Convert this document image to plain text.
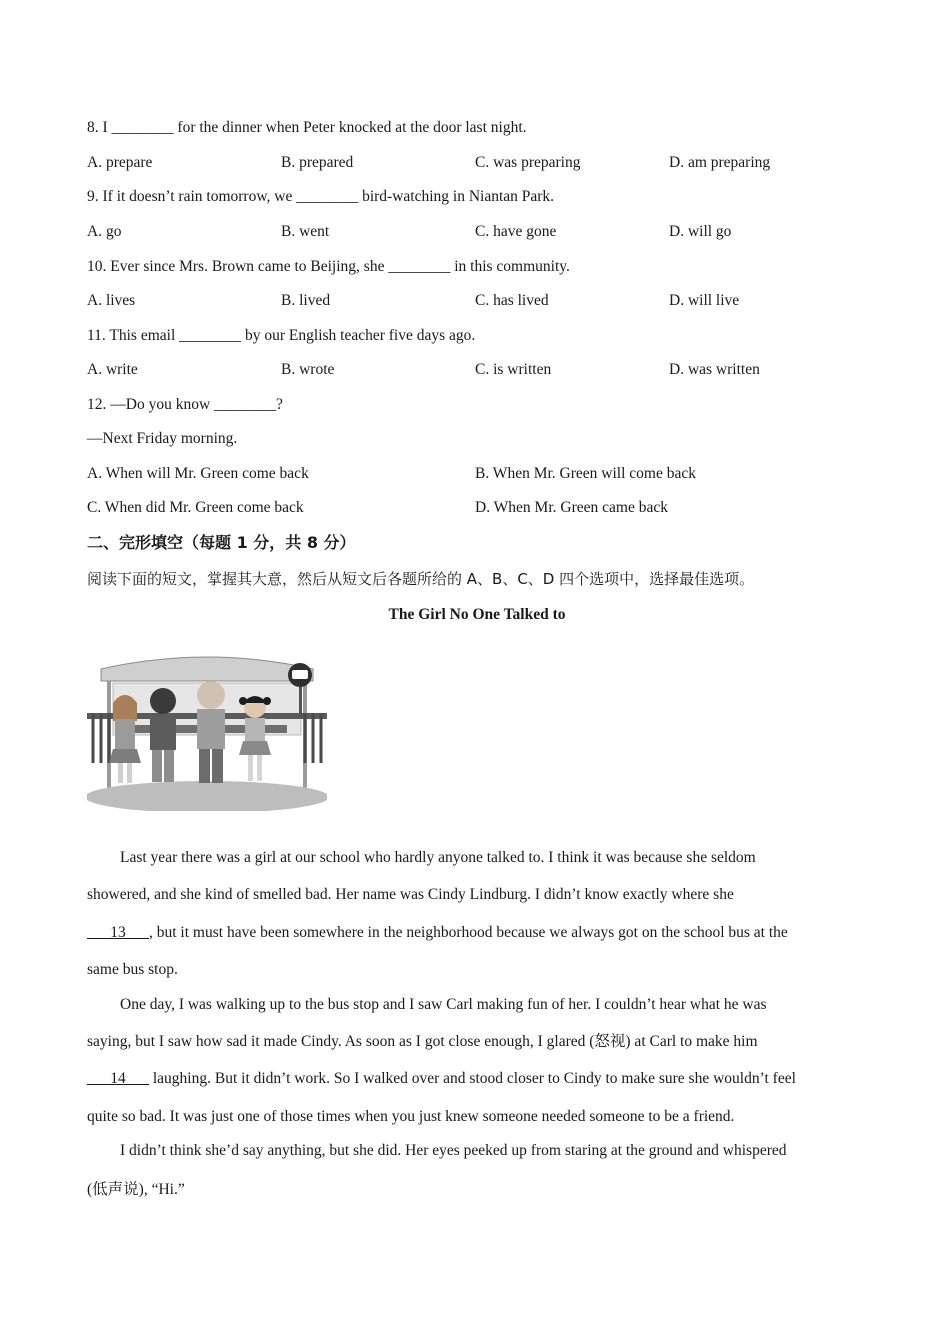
8. I ________ for the dinner when Peter knocked at the door last night.
A. prepare	B. prepared	C. was preparing	D. am preparing
9. If it doesn’t rain tomorrow, we ________ bird-watching in Niantan Park.
A. go	B. went	C. have gone	D. will go
10. Ever since Mrs. Brown came to Beijing, she ________ in this community.
A. lives	B. lived	C. has lived	D. will live
11. This email ________ by our English teacher five days ago.
A. write	B. wrote	C. is written	D. was written
12. —Do you know ________?
—Next Friday morning.
A. When will Mr. Green come back	B. When Mr. Green will come back
C. When did Mr. Green come back	D. When Mr. Green came back
二、完形填空（每题 1 分，共 8 分）
阅读下面的短文，掌握其大意，然后从短文后各题所给的 A、B、C、D 四个选项中，选择最佳选项。
The Girl No One Talked to
Last year there was a girl at our school who hardly anyone talked to. I think it was because she seldom
showered, and she kind of smelled bad. Her name was Cindy Lindburg. I didn’t know exactly where she
___13___, but it must have been somewhere in the neighborhood because we always got on the school bus at the
same bus stop.
One day, I was walking up to the bus stop and I saw Carl making fun of her. I couldn’t hear what he was
saying, but I saw how sad it made Cindy. As soon as I got close enough, I glared (怒视) at Carl to make him
___14___ laughing. But it didn’t work. So I walked over and stood closer to Cindy to make sure she wouldn’t feel
quite so bad. It was just one of those times when you just knew someone needed someone to be a friend.
I didn’t think she’d say anything, but she did. Her eyes peeked up from staring at the ground and whispered
(低声说), “Hi.”
